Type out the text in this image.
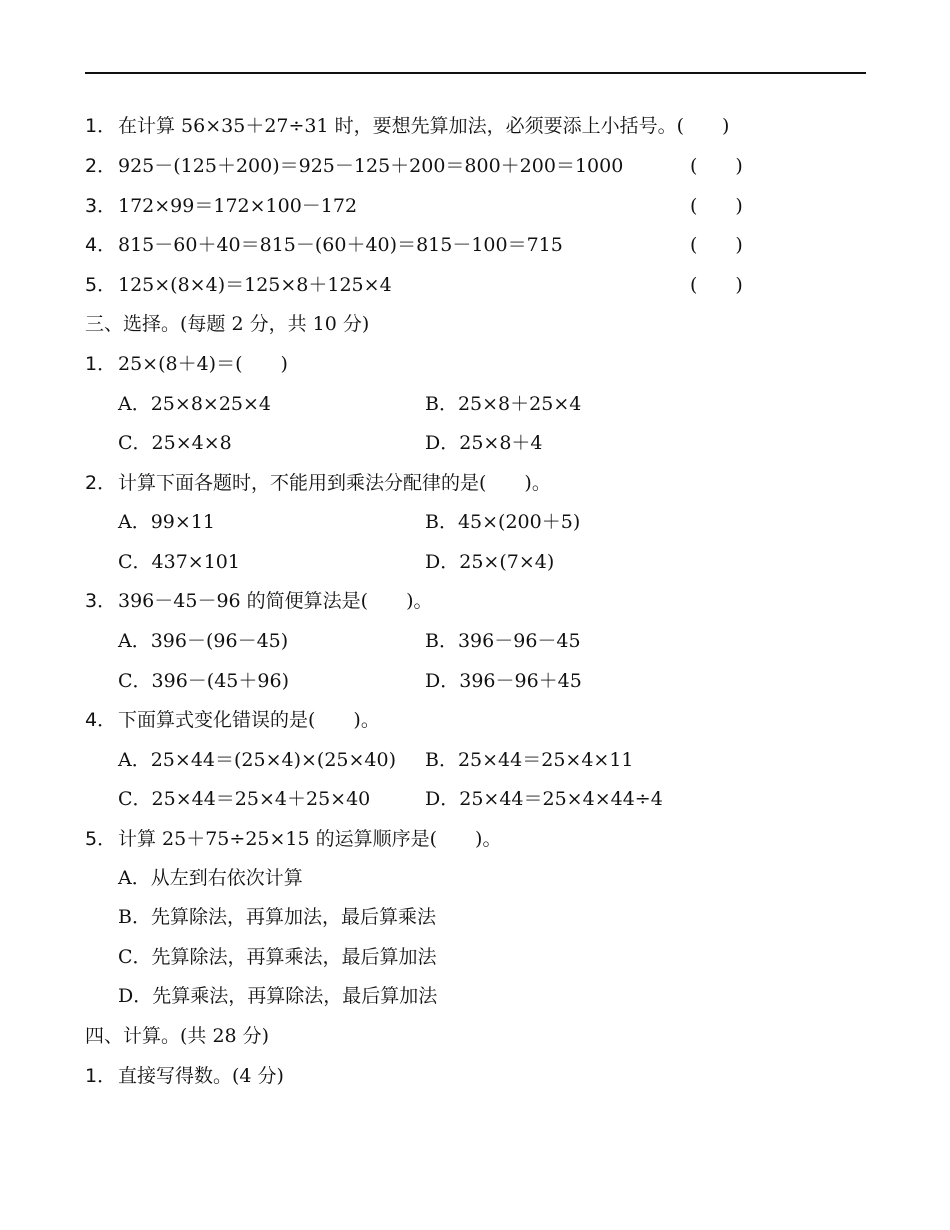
1． 在计算 56×35＋27÷31 时，要想先算加法，必须要添上小括号。(　　)
2． 925－(125＋200)＝925－125＋200＝800＋200＝1000	(　　)
3． 172×99＝172×100－172	(　　)
4． 815－60＋40＝815－(60＋40)＝815－100＝715	(　　)
5． 125×(8×4)＝125×8＋125×4	(　　)
三、选择。(每题 2 分，共 10 分)
1． 25×(8＋4)＝(　　)
A．25×8×25×4	B．25×8＋25×4
C．25×4×8	D．25×8＋4
2． 计算下面各题时，不能用到乘法分配律的是(　　)。
A．99×11	B．45×(200＋5)
C．437×101	D．25×(7×4)
3． 396－45－96 的简便算法是(　　)。
A．396－(96－45)	B．396－96－45
C．396－(45＋96)	D．396－96＋45
4． 下面算式变化错误的是(　　)。
A．25×44＝(25×4)×(25×40) B．25×44＝25×4×11
C．25×44＝25×4＋25×40	D．25×44＝25×4×44÷4
5． 计算 25＋75÷25×15 的运算顺序是(　　)。
A．从左到右依次计算
B．先算除法，再算加法，最后算乘法
C．先算除法，再算乘法，最后算加法
D．先算乘法，再算除法，最后算加法
四、计算。(共 28 分)
1． 直接写得数。(4 分)
